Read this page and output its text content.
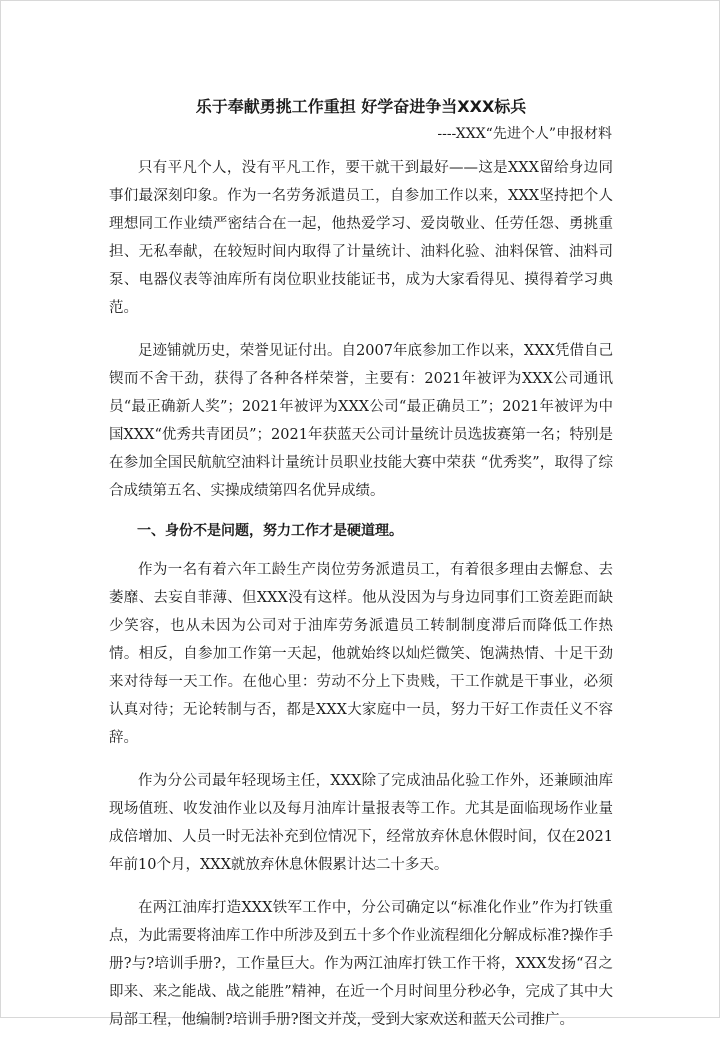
乐于奉献勇挑工作重担 好学奋进争当XXX标兵
----XXX“先进个人”申报材料

只有平凡个人，没有平凡工作，要干就干到最好——这是XXX留给身边同事们最深刻印象。作为一名劳务派遣员工，自参加工作以来，XXX坚持把个人理想同工作业绩严密结合在一起，他热爱学习、爱岗敬业、任劳任怨、勇挑重担、无私奉献，在较短时间内取得了计量统计、油料化验、油料保管、油料司泵、电器仪表等油库所有岗位职业技能证书，成为大家看得见、摸得着学习典范。

足迹铺就历史，荣誉见证付出。自2007年底参加工作以来，XXX凭借自己锲而不舍干劲，获得了各种各样荣誉，主要有：2021年被评为XXX公司通讯员“最正确新人奖”；2021年被评为XXX公司“最正确员工”；2021年被评为中国XXX“优秀共青团员”；2021年获蓝天公司计量统计员选拔赛第一名；特别是在参加全国民航航空油料计量统计员职业技能大赛中荣获 “优秀奖”，取得了综合成绩第五名、实操成绩第四名优异成绩。

一、身份不是问题，努力工作才是硬道理。

作为一名有着六年工龄生产岗位劳务派遣员工，有着很多理由去懈怠、去萎靡、去妄自菲薄、但XXX没有这样。他从没因为与身边同事们工资差距而缺少笑容，也从未因为公司对于油库劳务派遣员工转制制度滞后而降低工作热情。相反，自参加工作第一天起，他就始终以灿烂微笑、饱满热情、十足干劲来对待每一天工作。在他心里：劳动不分上下贵贱，干工作就是干事业，必须认真对待；无论转制与否，都是XXX大家庭中一员，努力干好工作责任义不容辞。

作为分公司最年轻现场主任，XXX除了完成油品化验工作外，还兼顾油库现场值班、收发油作业以及每月油库计量报表等工作。尤其是面临现场作业量成倍增加、人员一时无法补充到位情况下，经常放弃休息休假时间，仅在2021年前10个月，XXX就放弃休息休假累计达二十多天。

在两江油库打造XXX铁军工作中，分公司确定以“标准化作业”作为打铁重点，为此需要将油库工作中所涉及到五十多个作业流程细化分解成标准?操作手册?与?培训手册?，工作量巨大。作为两江油库打铁工作干将，XXX发扬“召之即来、来之能战、战之能胜”精神，在近一个月时间里分秒必争，完成了其中大局部工程，他编制?培训手册?图文并茂，受到大家欢送和蓝天公司推广。
